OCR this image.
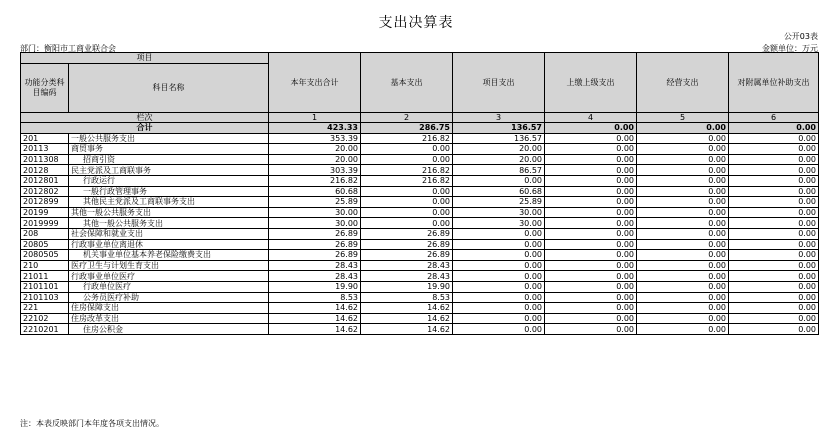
支出决算表
公开03表
部门：衡阳市工商业联合会	金额单位：万元
项目		本年支出合计	基本支出	项目支出	上缴上级支出	经营支出	对附属单位补助支出
功能分类科目编码	科目名称						

栏次		1	2	3	4	5	6
合计		423.33	286.75	136.57	0.00	0.00	0.00
201	一般公共服务支出	353.39	216.82	136.57	0.00	0.00	0.00
20113	商贸事务	20.00	0.00	20.00	0.00	0.00	0.00
2011308	招商引资	20.00	0.00	20.00	0.00	0.00	0.00
20128	民主党派及工商联事务	303.39	216.82	86.57	0.00	0.00	0.00
2012801	行政运行	216.82	216.82	0.00	0.00	0.00	0.00
2012802	一般行政管理事务	60.68	0.00	60.68	0.00	0.00	0.00
2012899	其他民主党派及工商联事务支出	25.89	0.00	25.89	0.00	0.00	0.00
20199	其他一般公共服务支出	30.00	0.00	30.00	0.00	0.00	0.00
2019999	其他一般公共服务支出	30.00	0.00	30.00	0.00	0.00	0.00
208	社会保障和就业支出	26.89	26.89	0.00	0.00	0.00	0.00
20805	行政事业单位离退休	26.89	26.89	0.00	0.00	0.00	0.00
2080505	机关事业单位基本养老保险缴费支出	26.89	26.89	0.00	0.00	0.00	0.00
210	医疗卫生与计划生育支出	28.43	28.43	0.00	0.00	0.00	0.00
21011	行政事业单位医疗	28.43	28.43	0.00	0.00	0.00	0.00
2101101	行政单位医疗	19.90	19.90	0.00	0.00	0.00	0.00
2101103	公务员医疗补助	8.53	8.53	0.00	0.00	0.00	0.00
221	住房保障支出	14.62	14.62	0.00	0.00	0.00	0.00
22102	住房改革支出	14.62	14.62	0.00	0.00	0.00	0.00
2210201	住房公积金	14.62	14.62	0.00	0.00	0.00	0.00
注：本表反映部门本年度各项支出情况。
